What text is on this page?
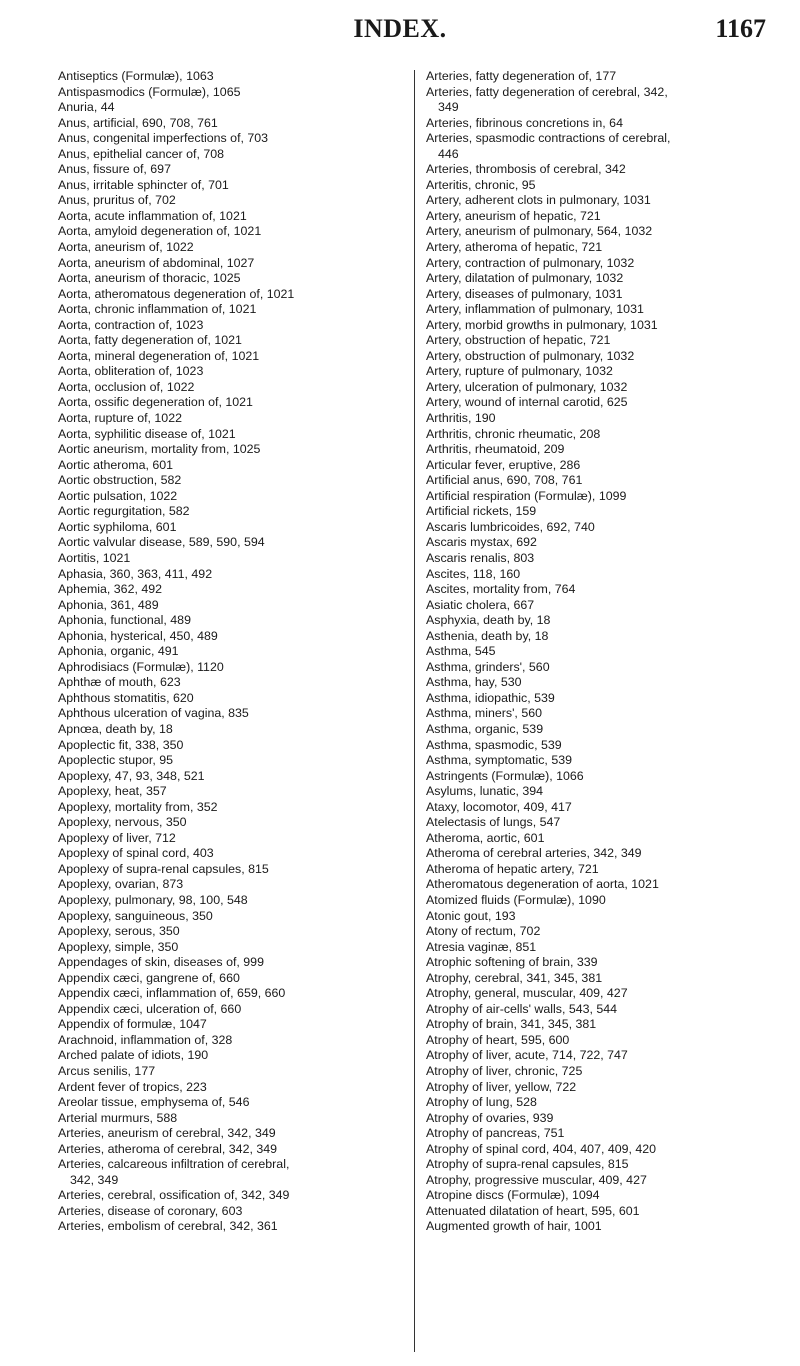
INDEX.	1167
Antiseptics (Formulæ), 1063
Antispasmodics (Formulæ), 1065
Anuria, 44
Anus, artificial, 690, 708, 761
Anus, congenital imperfections of, 703
Anus, epithelial cancer of, 708
Anus, fissure of, 697
Anus, irritable sphincter of, 701
Anus, pruritus of, 702
Aorta, acute inflammation of, 1021
Aorta, amyloid degeneration of, 1021
Aorta, aneurism of, 1022
Aorta, aneurism of abdominal, 1027
Aorta, aneurism of thoracic, 1025
Aorta, atheromatous degeneration of, 1021
Aorta, chronic inflammation of, 1021
Aorta, contraction of, 1023
Aorta, fatty degeneration of, 1021
Aorta, mineral degeneration of, 1021
Aorta, obliteration of, 1023
Aorta, occlusion of, 1022
Aorta, ossific degeneration of, 1021
Aorta, rupture of, 1022
Aorta, syphilitic disease of, 1021
Aortic aneurism, mortality from, 1025
Aortic atheroma, 601
Aortic obstruction, 582
Aortic pulsation, 1022
Aortic regurgitation, 582
Aortic syphiloma, 601
Aortic valvular disease, 589, 590, 594
Aortitis, 1021
Aphasia, 360, 363, 411, 492
Aphemia, 362, 492
Aphonia, 361, 489
Aphonia, functional, 489
Aphonia, hysterical, 450, 489
Aphonia, organic, 491
Aphrodisiacs (Formulæ), 1120
Aphthæ of mouth, 623
Aphthous stomatitis, 620
Aphthous ulceration of vagina, 835
Apnœa, death by, 18
Apoplectic fit, 338, 350
Apoplectic stupor, 95
Apoplexy, 47, 93, 348, 521
Apoplexy, heat, 357
Apoplexy, mortality from, 352
Apoplexy, nervous, 350
Apoplexy of liver, 712
Apoplexy of spinal cord, 403
Apoplexy of supra-renal capsules, 815
Apoplexy, ovarian, 873
Apoplexy, pulmonary, 98, 100, 548
Apoplexy, sanguineous, 350
Apoplexy, serous, 350
Apoplexy, simple, 350
Appendages of skin, diseases of, 999
Appendix cæci, gangrene of, 660
Appendix cæci, inflammation of, 659, 660
Appendix cæci, ulceration of, 660
Appendix of formulæ, 1047
Arachnoid, inflammation of, 328
Arched palate of idiots, 190
Arcus senilis, 177
Ardent fever of tropics, 223
Areolar tissue, emphysema of, 546
Arterial murmurs, 588
Arteries, aneurism of cerebral, 342, 349
Arteries, atheroma of cerebral, 342, 349
Arteries, calcareous infiltration of cerebral,
342, 349
Arteries, cerebral, ossification of, 342, 349
Arteries, disease of coronary, 603
Arteries, embolism of cerebral, 342, 361
Arteries, fatty degeneration of, 177
Arteries, fatty degeneration of cerebral, 342,
349
Arteries, fibrinous concretions in, 64
Arteries, spasmodic contractions of cerebral,
446
Arteries, thrombosis of cerebral, 342
Arteritis, chronic, 95
Artery, adherent clots in pulmonary, 1031
Artery, aneurism of hepatic, 721
Artery, aneurism of pulmonary, 564, 1032
Artery, atheroma of hepatic, 721
Artery, contraction of pulmonary, 1032
Artery, dilatation of pulmonary, 1032
Artery, diseases of pulmonary, 1031
Artery, inflammation of pulmonary, 1031
Artery, morbid growths in pulmonary, 1031
Artery, obstruction of hepatic, 721
Artery, obstruction of pulmonary, 1032
Artery, rupture of pulmonary, 1032
Artery, ulceration of pulmonary, 1032
Artery, wound of internal carotid, 625
Arthritis, 190
Arthritis, chronic rheumatic, 208
Arthritis, rheumatoid, 209
Articular fever, eruptive, 286
Artificial anus, 690, 708, 761
Artificial respiration (Formulæ), 1099
Artificial rickets, 159
Ascaris lumbricoides, 692, 740
Ascaris mystax, 692
Ascaris renalis, 803
Ascites, 118, 160
Ascites, mortality from, 764
Asiatic cholera, 667
Asphyxia, death by, 18
Asthenia, death by, 18
Asthma, 545
Asthma, grinders', 560
Asthma, hay, 530
Asthma, idiopathic, 539
Asthma, miners', 560
Asthma, organic, 539
Asthma, spasmodic, 539
Asthma, symptomatic, 539
Astringents (Formulæ), 1066
Asylums, lunatic, 394
Ataxy, locomotor, 409, 417
Atelectasis of lungs, 547
Atheroma, aortic, 601
Atheroma of cerebral arteries, 342, 349
Atheroma of hepatic artery, 721
Atheromatous degeneration of aorta, 1021
Atomized fluids (Formulæ), 1090
Atonic gout, 193
Atony of rectum, 702
Atresia vaginæ, 851
Atrophic softening of brain, 339
Atrophy, cerebral, 341, 345, 381
Atrophy, general, muscular, 409, 427
Atrophy of air-cells' walls, 543, 544
Atrophy of brain, 341, 345, 381
Atrophy of heart, 595, 600
Atrophy of liver, acute, 714, 722, 747
Atrophy of liver, chronic, 725
Atrophy of liver, yellow, 722
Atrophy of lung, 528
Atrophy of ovaries, 939
Atrophy of pancreas, 751
Atrophy of spinal cord, 404, 407, 409, 420
Atrophy of supra-renal capsules, 815
Atrophy, progressive muscular, 409, 427
Atropine discs (Formulæ), 1094
Attenuated dilatation of heart, 595, 601
Augmented growth of hair, 1001
